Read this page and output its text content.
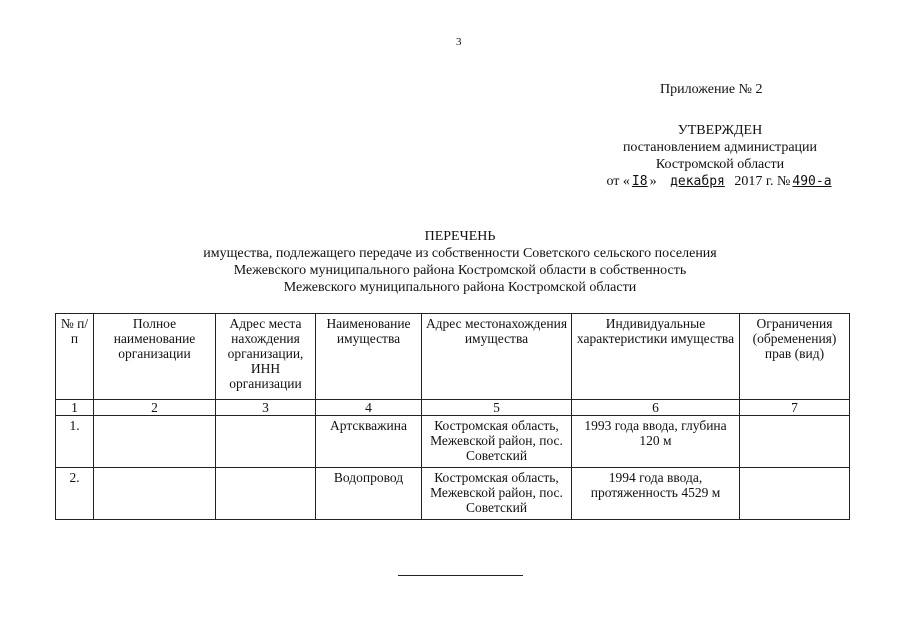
3
Приложение № 2
УТВЕРЖДЕН
постановлением администрации
Костромской области
от « I8 » декабря 2017 г. № 490-а
ПЕРЕЧЕНЬ
имущества, подлежащего передаче из собственности Советского сельского поселения
Межевского муниципального района Костромской области в собственность
Межевского муниципального района Костромской области
№ п/п	Полное наименование организации	Адрес места нахождения организации, ИНН организации	Наименование имущества	Адрес местонахождения имущества	Индивидуальные характеристики имущества	Ограничения (обременения) прав (вид)
1	2	3	4	5	6	7
1.			Артскважина	Костромская область, Межевской район, пос. Советский	1993 года ввода, глубина 120 м	
2.			Водопровод	Костромская область, Межевской район, пос. Советский	1994 года ввода, протяженность 4529 м	
